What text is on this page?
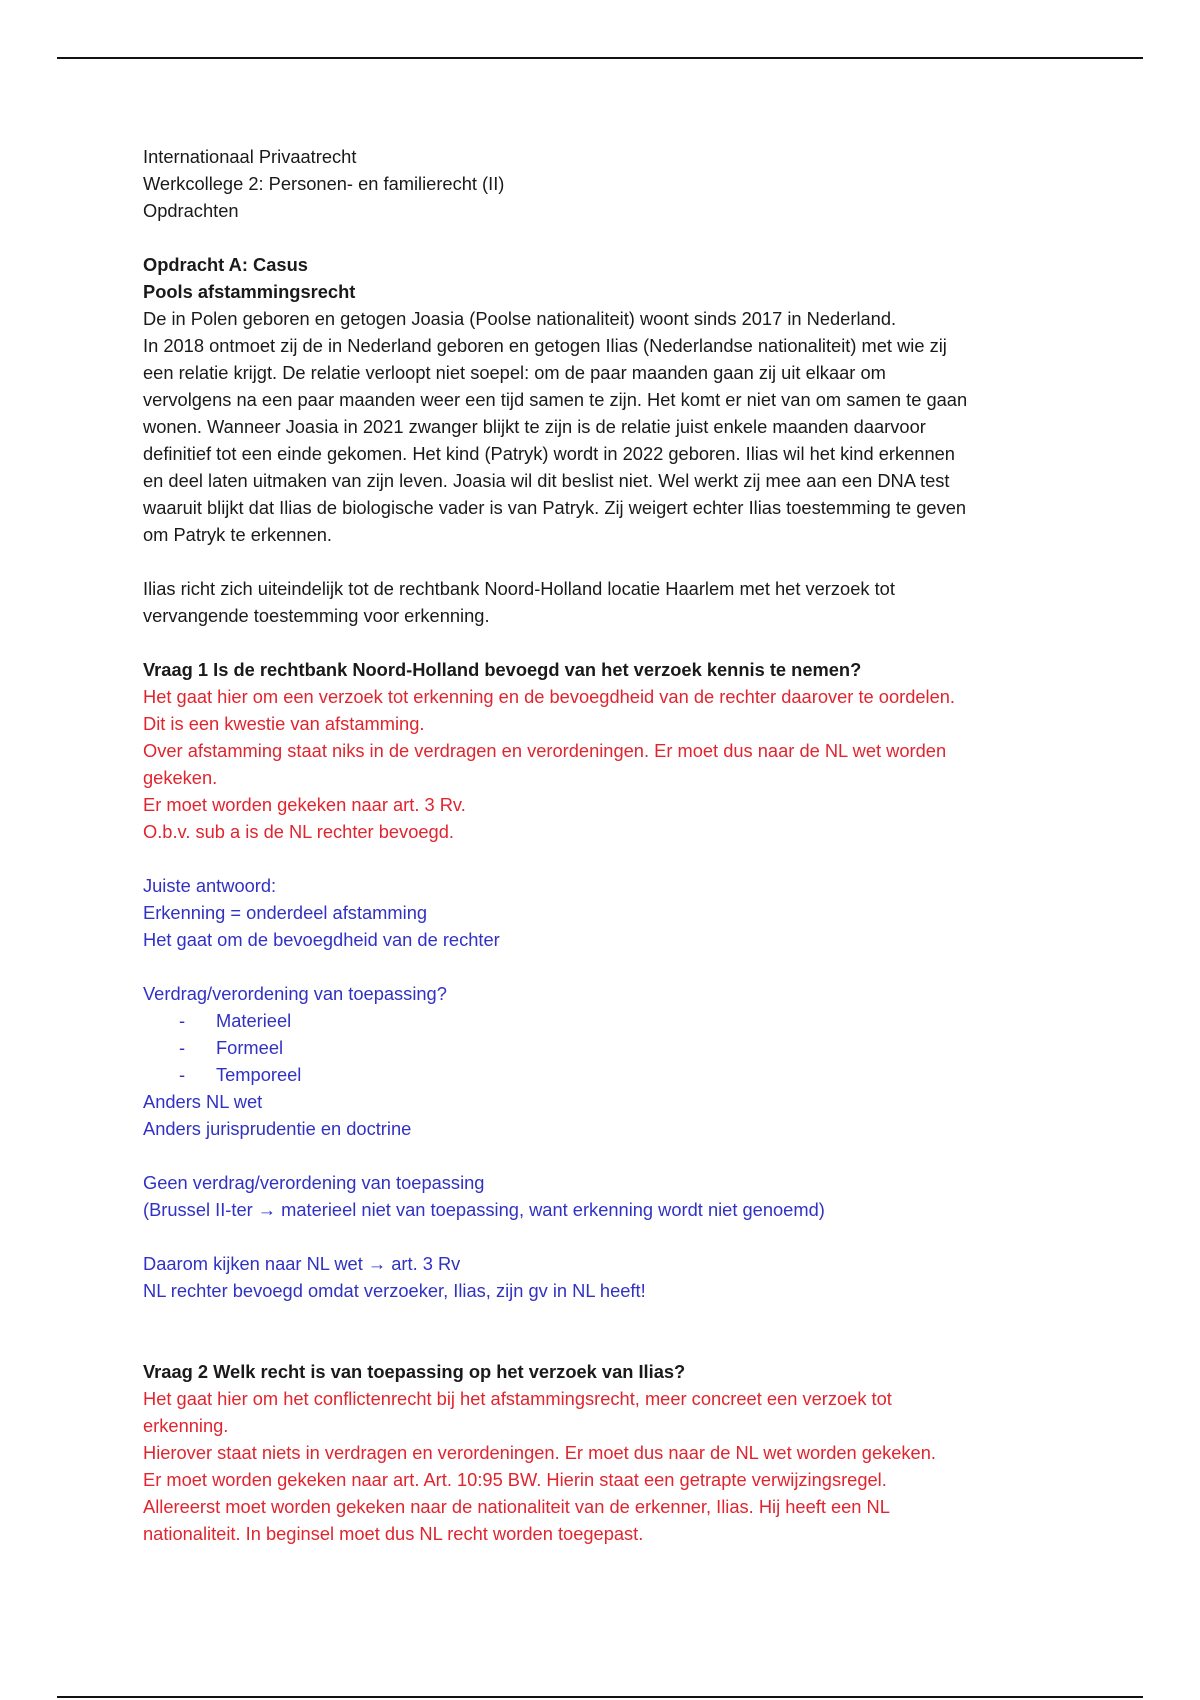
Internationaal Privaatrecht

Werkcollege 2: Personen- en familierecht (II)

Opdrachten

Opdracht A: Casus

Pools afstammingsrecht

De in Polen geboren en getogen Joasia (Poolse nationaliteit) woont sinds 2017 in Nederland.

In 2018 ontmoet zij de in Nederland geboren en getogen Ilias (Nederlandse nationaliteit) met wie zij

een relatie krijgt. De relatie verloopt niet soepel: om de paar maanden gaan zij uit elkaar om

vervolgens na een paar maanden weer een tijd samen te zijn. Het komt er niet van om samen te gaan

wonen. Wanneer Joasia in 2021 zwanger blijkt te zijn is de relatie juist enkele maanden daarvoor

definitief tot een einde gekomen. Het kind (Patryk) wordt in 2022 geboren. Ilias wil het kind erkennen

en deel laten uitmaken van zijn leven. Joasia wil dit beslist niet. Wel werkt zij mee aan een DNA test

waaruit blijkt dat Ilias de biologische vader is van Patryk. Zij weigert echter Ilias toestemming te geven

om Patryk te erkennen.

Ilias richt zich uiteindelijk tot de rechtbank Noord-Holland locatie Haarlem met het verzoek tot

vervangende toestemming voor erkenning.

Vraag 1 Is de rechtbank Noord-Holland bevoegd van het verzoek kennis te nemen?

Het gaat hier om een verzoek tot erkenning en de bevoegdheid van de rechter daarover te oordelen.

Dit is een kwestie van afstamming.

Over afstamming staat niks in de verdragen en verordeningen. Er moet dus naar de NL wet worden

gekeken.

Er moet worden gekeken naar art. 3 Rv.

O.b.v. sub a is de NL rechter bevoegd.

Juiste antwoord:

Erkenning = onderdeel afstamming

Het gaat om de bevoegdheid van de rechter

Verdrag/verordening van toepassing?

- Materieel
- Formeel
- Temporeel

Anders NL wet

Anders jurisprudentie en doctrine

Geen verdrag/verordening van toepassing

(Brussel II-ter → materieel niet van toepassing, want erkenning wordt niet genoemd)

Daarom kijken naar NL wet → art. 3 Rv

NL rechter bevoegd omdat verzoeker, Ilias, zijn gv in NL heeft!

Vraag 2 Welk recht is van toepassing op het verzoek van Ilias?

Het gaat hier om het conflictenrecht bij het afstammingsrecht, meer concreet een verzoek tot

erkenning.

Hierover staat niets in verdragen en verordeningen. Er moet dus naar de NL wet worden gekeken.

Er moet worden gekeken naar art. Art. 10:95 BW. Hierin staat een getrapte verwijzingsregel.

Allereerst moet worden gekeken naar de nationaliteit van de erkenner, Ilias. Hij heeft een NL

nationaliteit. In beginsel moet dus NL recht worden toegepast.
